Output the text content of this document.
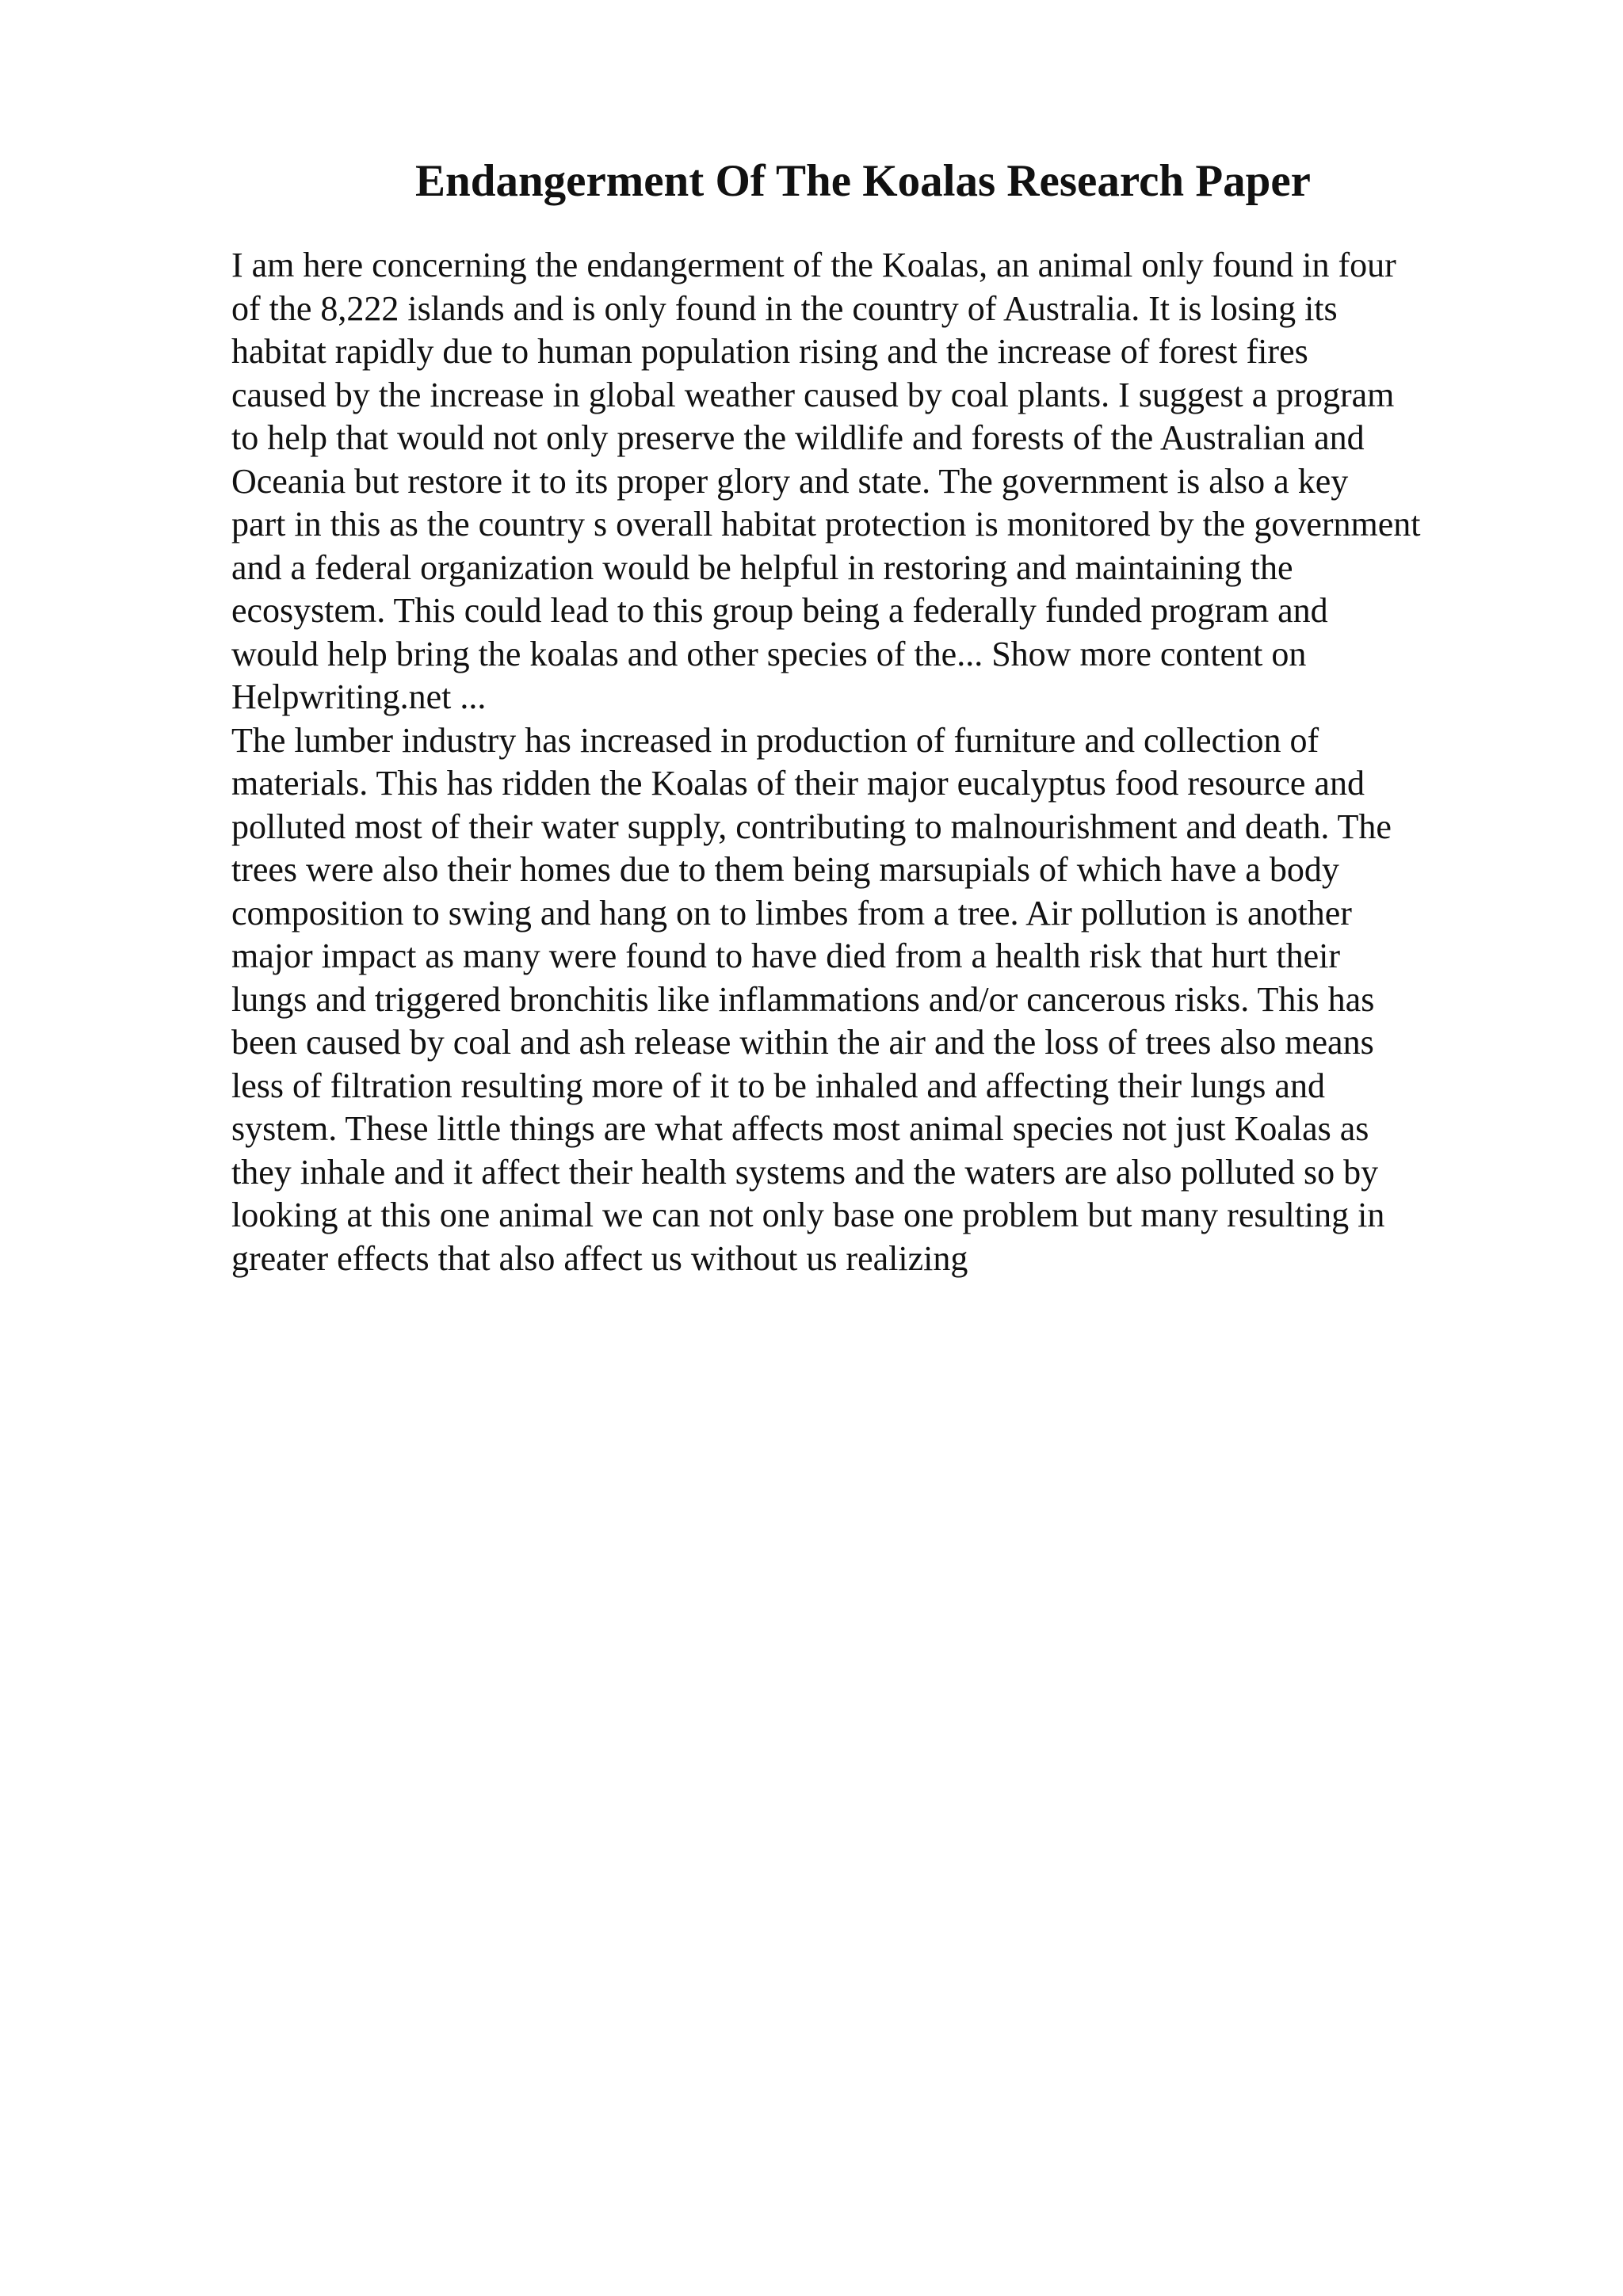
Endangerment Of The Koalas Research Paper
I am here concerning the endangerment of the Koalas, an animal only found in four
of the 8,222 islands and is only found in the country of Australia. It is losing its
habitat rapidly due to human population rising and the increase of forest fires
caused by the increase in global weather caused by coal plants. I suggest a program
to help that would not only preserve the wildlife and forests of the Australian and
Oceania but restore it to its proper glory and state. The government is also a key
part in this as the country s overall habitat protection is monitored by the government
and a federal organization would be helpful in restoring and maintaining the
ecosystem. This could lead to this group being a federally funded program and
would help bring the koalas and other species of the... Show more content on
Helpwriting.net ...
The lumber industry has increased in production of furniture and collection of
materials. This has ridden the Koalas of their major eucalyptus food resource and
polluted most of their water supply, contributing to malnourishment and death. The
trees were also their homes due to them being marsupials of which have a body
composition to swing and hang on to limbes from a tree. Air pollution is another
major impact as many were found to have died from a health risk that hurt their
lungs and triggered bronchitis like inflammations and/or cancerous risks. This has
been caused by coal and ash release within the air and the loss of trees also means
less of filtration resulting more of it to be inhaled and affecting their lungs and
system. These little things are what affects most animal species not just Koalas as
they inhale and it affect their health systems and the waters are also polluted so by
looking at this one animal we can not only base one problem but many resulting in
greater effects that also affect us without us realizing
